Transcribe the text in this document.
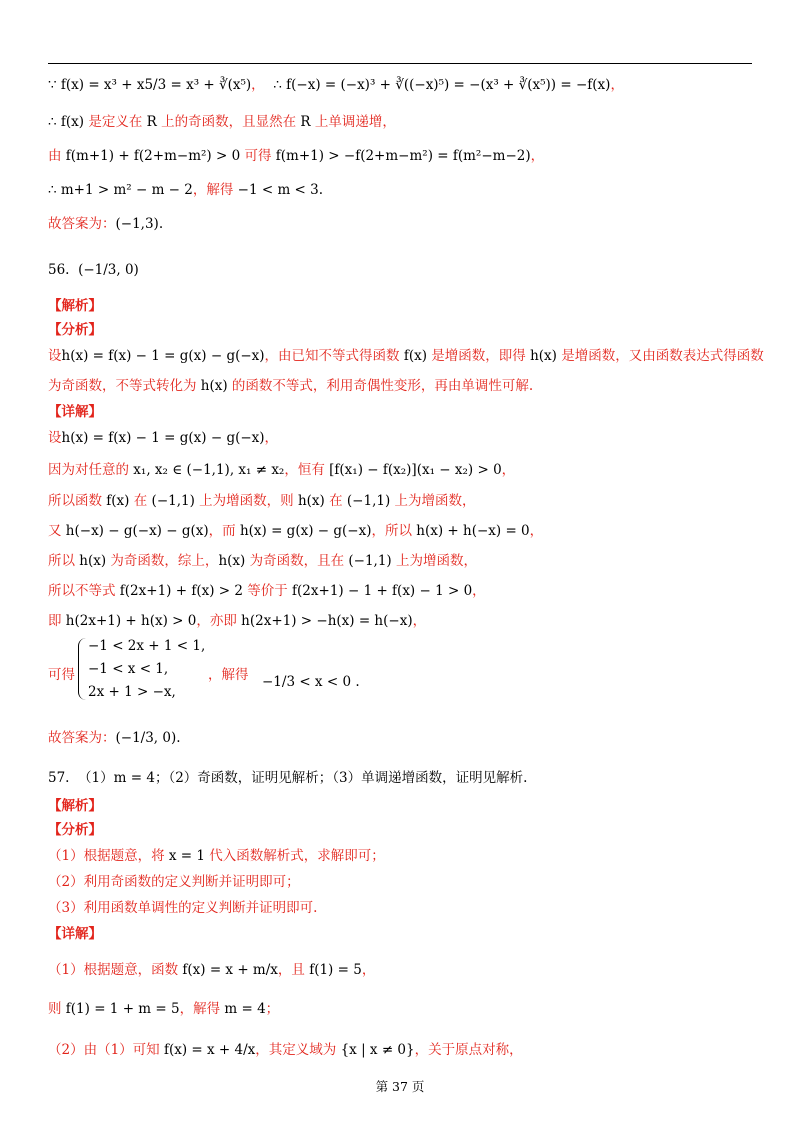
∵ f(x) = x³ + x5/3 = x³ + ∛(x⁵)，  ∴ f(−x) = (−x)³ + ∛((−x)⁵) = −(x³ + ∛(x⁵)) = −f(x)，
∴ f(x) 是定义在 R 上的奇函数，且显然在 R 上单调递增，
由 f(m+1) + f(2+m−m²) > 0 可得 f(m+1) > −f(2+m−m²) = f(m²−m−2)，
∴ m+1 > m² − m − 2，解得 −1 < m < 3.
故答案为：(−1,3).
56.  (−1/3, 0)
【解析】
【分析】
设h(x) = f(x) − 1 = g(x) − g(−x)，由已知不等式得函数 f(x) 是增函数，即得 h(x) 是增函数，又由函数表达式得函数
为奇函数，不等式转化为 h(x) 的函数不等式，利用奇偶性变形，再由单调性可解.
【详解】
设h(x) = f(x) − 1 = g(x) − g(−x)，
因为对任意的 x₁, x₂ ∈ (−1,1), x₁ ≠ x₂，恒有 [f(x₁) − f(x₂)](x₁ − x₂) > 0，
所以函数 f(x) 在 (−1,1) 上为增函数，则 h(x) 在 (−1,1) 上为增函数，
又 h(−x) − g(−x) − g(x)，而 h(x) = g(x) − g(−x)，所以 h(x) + h(−x) = 0，
所以 h(x) 为奇函数，综上，h(x) 为奇函数，且在 (−1,1) 上为增函数，
所以不等式 f(2x+1) + f(x) > 2 等价于 f(2x+1) − 1 + f(x) − 1 > 0，
即 h(2x+1) + h(x) > 0，亦即 h(2x+1) > −h(x) = h(−x)，
故答案为：(−1/3, 0).
57.  （1）m = 4；（2）奇函数，证明见解析；（3）单调递增函数，证明见解析.
【解析】
【分析】
（1）根据题意，将 x = 1 代入函数解析式，求解即可；
（2）利用奇函数的定义判断并证明即可；
（3）利用函数单调性的定义判断并证明即可.
【详解】
（1）根据题意，函数 f(x) = x + m/x，且 f(1) = 5，
则 f(1) = 1 + m = 5，解得 m = 4；
（2）由（1）可知 f(x) = x + 4/x，其定义域为 {x | x ≠ 0}，关于原点对称，
可得
−1 < 2x + 1 < 1,
−1 < x < 1,
2x + 1 > −x,
，解得 −1/3 < x < 0 .
第 37 页
